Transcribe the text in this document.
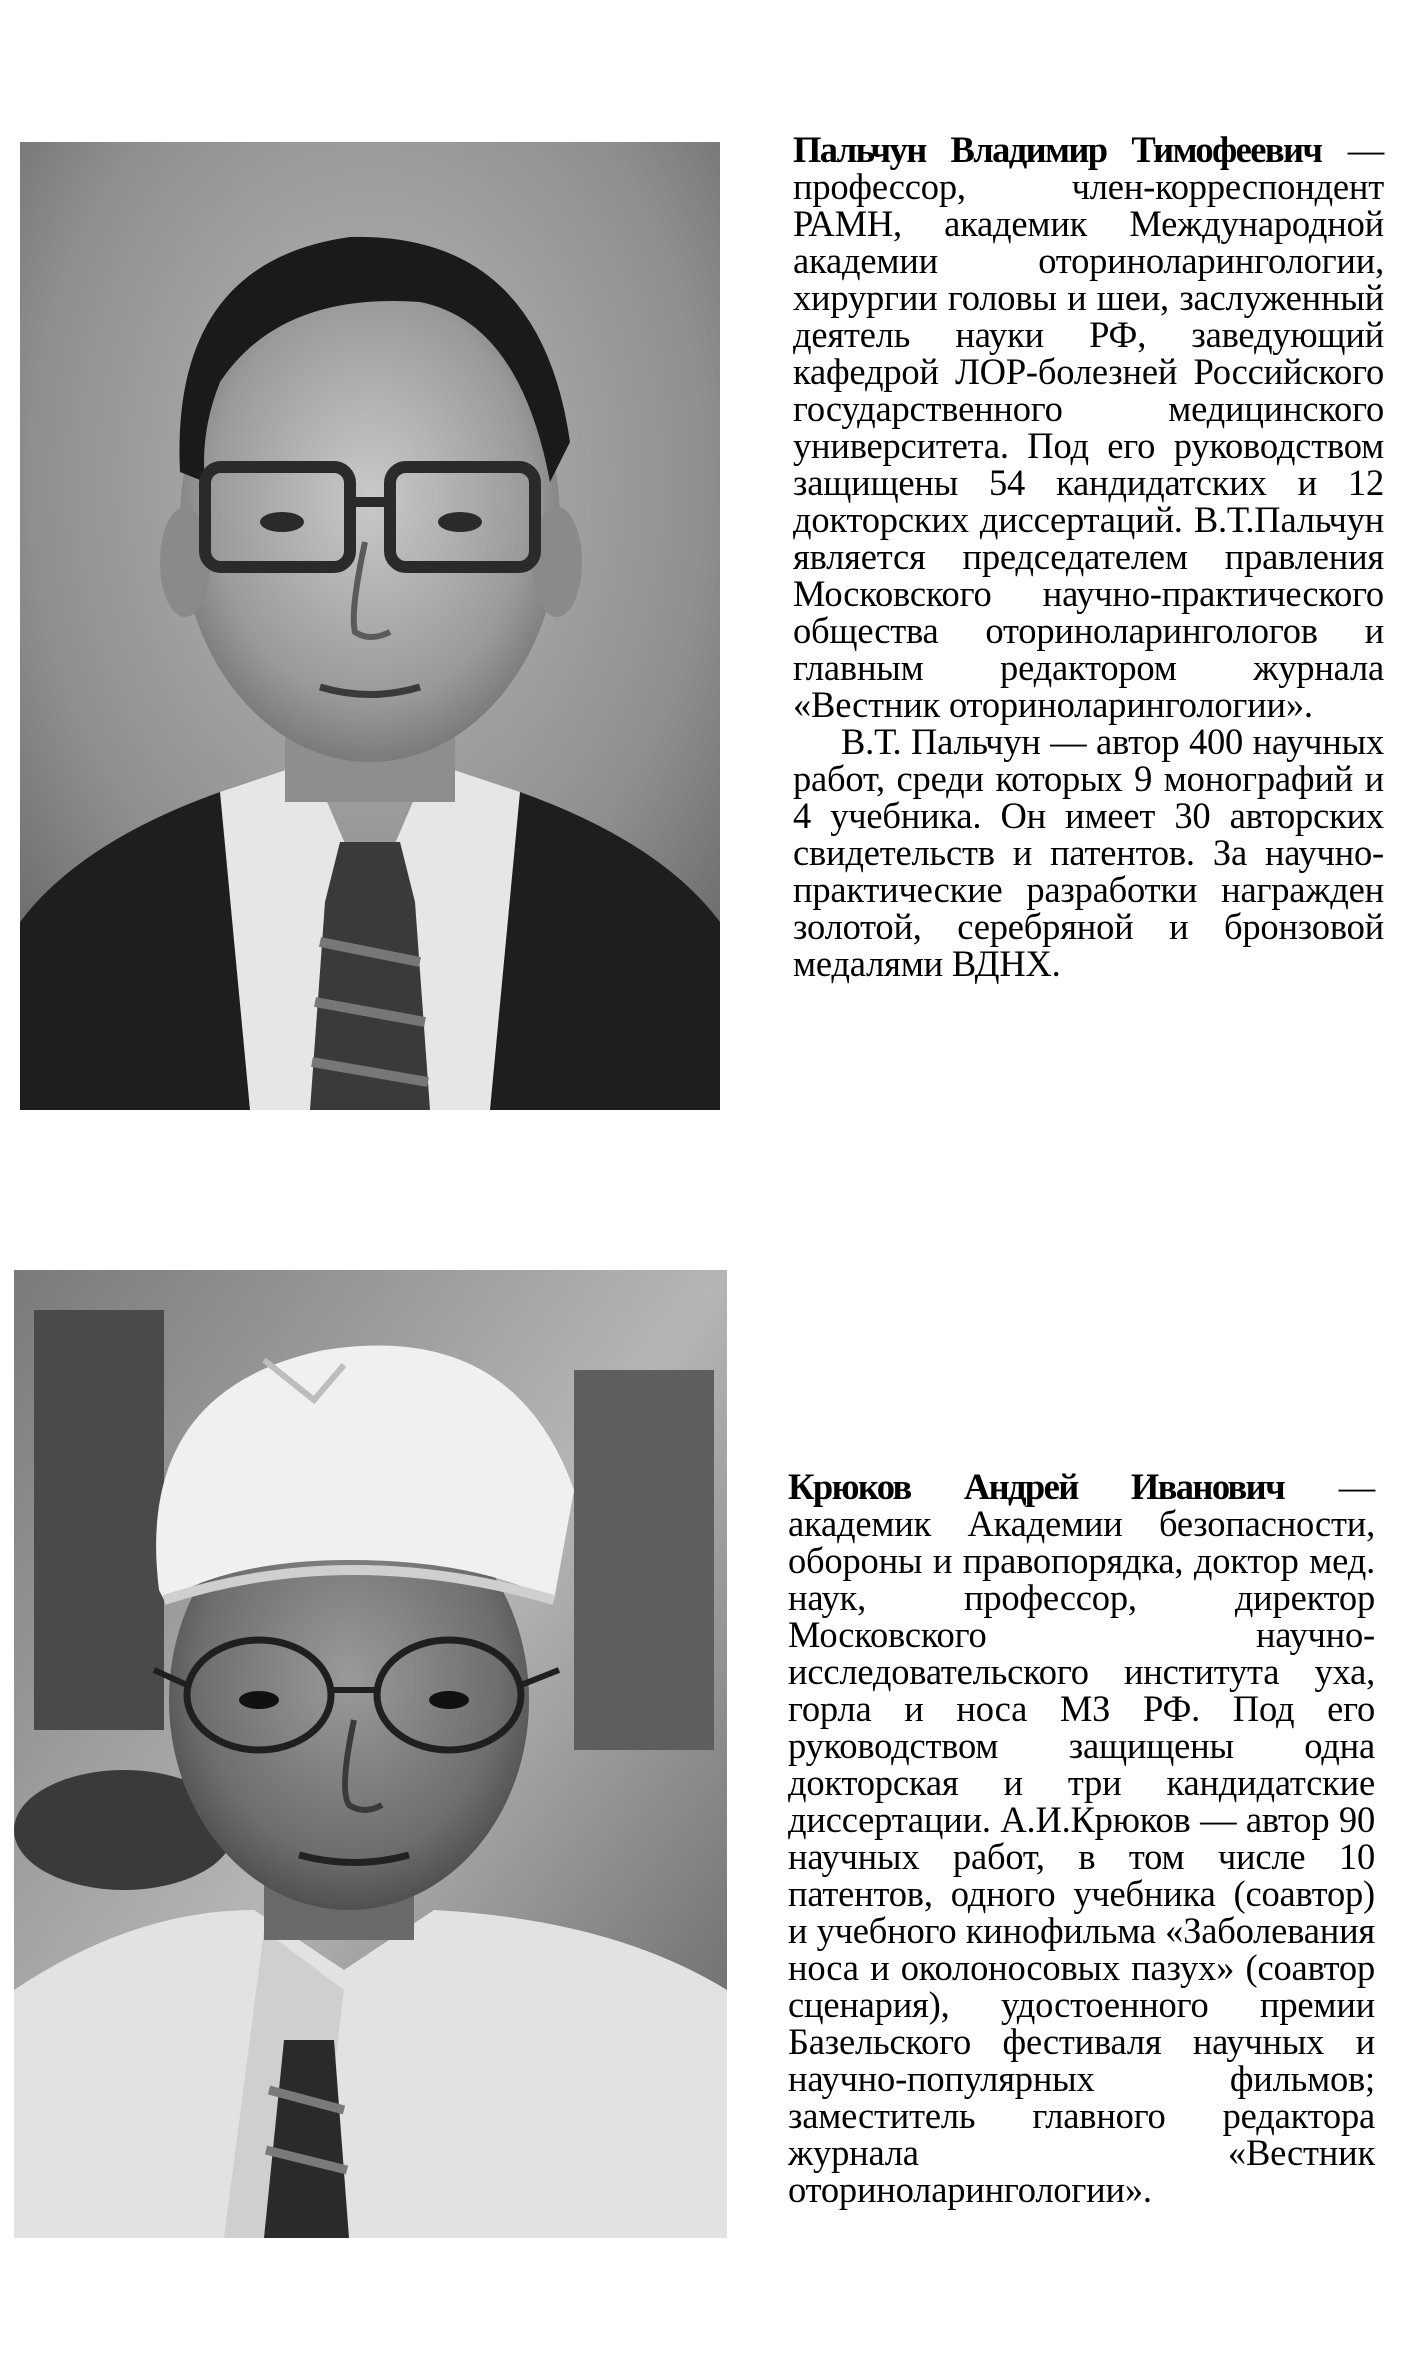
Пальчун Владимир Тимофеевич — профессор, член-корреспондент РАМН, академик Международной академии оториноларингологии, хирургии головы и шеи, заслуженный деятель науки РФ, заведующий кафедрой ЛОР-болезней Российского государственного медицинского университета. Под его руководством защищены 54 кандидатских и 12 докторских диссертаций. В.Т.Пальчун является председателем правления Московского научно-практического общества оториноларингологов и главным редактором журнала «Вестник оториноларингологии».

В.Т. Пальчун — автор 400 научных работ, среди которых 9 монографий и 4 учебника. Он имеет 30 авторских свидетельств и патентов. За научно-практические разработки награжден золотой, серебряной и бронзовой медалями ВДНХ.

Крюков Андрей Иванович — академик Академии безопасности, обороны и правопорядка, доктор мед. наук, профессор, директор Московского научно-исследовательского института уха, горла и носа МЗ РФ. Под его руководством защищены одна докторская и три кандидатские диссертации. А.И.Крюков — автор 90 научных работ, в том числе 10 патентов, одного учебника (соавтор) и учебного кинофильма «Заболевания носа и околоносовых пазух» (соавтор сценария), удостоенного премии Базельского фестиваля научных и научно-популярных фильмов; заместитель главного редактора журнала «Вестник оториноларингологии».
